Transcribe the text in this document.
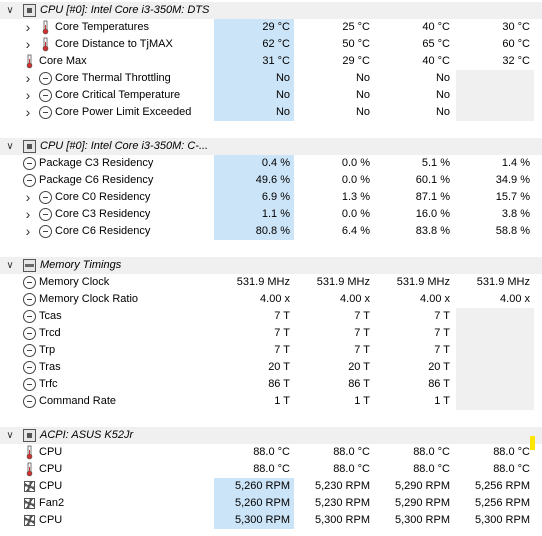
∨ CPU [#0]: Intel Core i3-350M: DTS
›	Core Temperatures	29 °C	25 °C	40 °C	30 °C
›	Core Distance to TjMAX	62 °C	50 °C	65 °C	60 °C
Core Max	31 °C	29 °C	40 °C	32 °C
›	Core Thermal Throttling	No	No	No
›	Core Critical Temperature	No	No	No
›	Core Power Limit Exceeded	No	No	No
∨ CPU [#0]: Intel Core i3-350M: C-...
Package C3 Residency	0.4 %	0.0 %	5.1 %	1.4 %
Package C6 Residency	49.6 %	0.0 %	60.1 %	34.9 %
›	Core C0 Residency	6.9 %	1.3 %	87.1 %	15.7 %
›	Core C3 Residency	1.1 %	0.0 %	16.0 %	3.8 %
›	Core C6 Residency	80.8 %	6.4 %	83.8 %	58.8 %
∨ Memory Timings
Memory Clock	531.9 MHz	531.9 MHz	531.9 MHz	531.9 MHz
Memory Clock Ratio	4.00 x	4.00 x	4.00 x	4.00 x
Tcas	7 T	7 T	7 T
Trcd	7 T	7 T	7 T
Trp	7 T	7 T	7 T
Tras	20 T	20 T	20 T
Trfc	86 T	86 T	86 T
Command Rate	1 T	1 T	1 T
∨ ACPI: ASUS K52Jr
CPU	88.0 °C	88.0 °C	88.0 °C	88.0 °C
CPU	88.0 °C	88.0 °C	88.0 °C	88.0 °C
CPU	5,260 RPM	5,230 RPM	5,290 RPM	5,256 RPM
Fan2	5,260 RPM	5,230 RPM	5,290 RPM	5,256 RPM
CPU	5,300 RPM	5,300 RPM	5,300 RPM	5,300 RPM
